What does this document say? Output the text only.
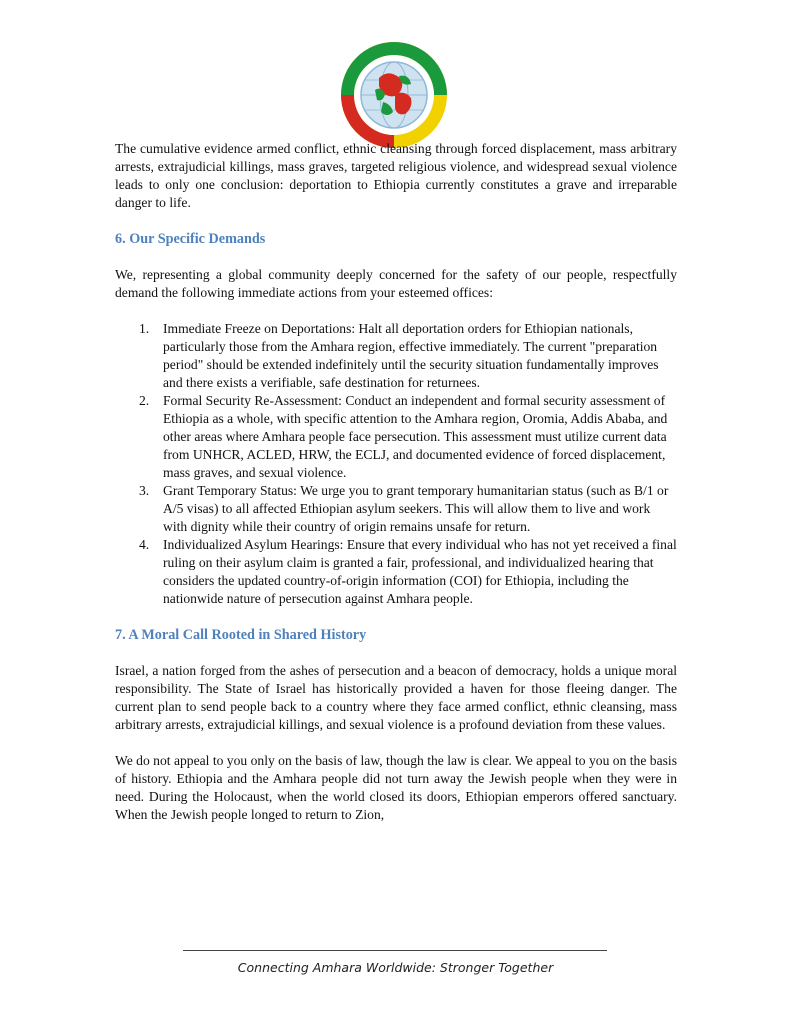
The cumulative evidence armed conflict, ethnic cleansing through forced displacement, mass arbitrary arrests, extrajudicial killings, mass graves, targeted religious violence, and widespread sexual violence leads to only one conclusion: deportation to Ethiopia currently constitutes a grave and irreparable danger to life.

6. Our Specific Demands

We, representing a global community deeply concerned for the safety of our people, respectfully demand the following immediate actions from your esteemed offices:

1. Immediate Freeze on Deportations: Halt all deportation orders for Ethiopian nationals, particularly those from the Amhara region, effective immediately. The current "preparation period" should be extended indefinitely until the security situation fundamentally improves and there exists a verifiable, safe destination for returnees.
2. Formal Security Re-Assessment: Conduct an independent and formal security assessment of Ethiopia as a whole, with specific attention to the Amhara region, Oromia, Addis Ababa, and other areas where Amhara people face persecution. This assessment must utilize current data from UNHCR, ACLED, HRW, the ECLJ, and documented evidence of forced displacement, mass graves, and sexual violence.
3. Grant Temporary Status: We urge you to grant temporary humanitarian status (such as B/1 or A/5 visas) to all affected Ethiopian asylum seekers. This will allow them to live and work with dignity while their country of origin remains unsafe for return.
4. Individualized Asylum Hearings: Ensure that every individual who has not yet received a final ruling on their asylum claim is granted a fair, professional, and individualized hearing that considers the updated country-of-origin information (COI) for Ethiopia, including the nationwide nature of persecution against Amhara people.
7. A Moral Call Rooted in Shared History

Israel, a nation forged from the ashes of persecution and a beacon of democracy, holds a unique moral responsibility. The State of Israel has historically provided a haven for those fleeing danger. The current plan to send people back to a country where they face armed conflict, ethnic cleansing, mass arbitrary arrests, extrajudicial killings, and sexual violence is a profound deviation from these values.

We do not appeal to you only on the basis of law, though the law is clear. We appeal to you on the basis of history. Ethiopia and the Amhara people did not turn away the Jewish people when they were in need. During the Holocaust, when the world closed its doors, Ethiopian emperors offered sanctuary. When the Jewish people longed to return to Zion,

Connecting Amhara Worldwide: Stronger Together
